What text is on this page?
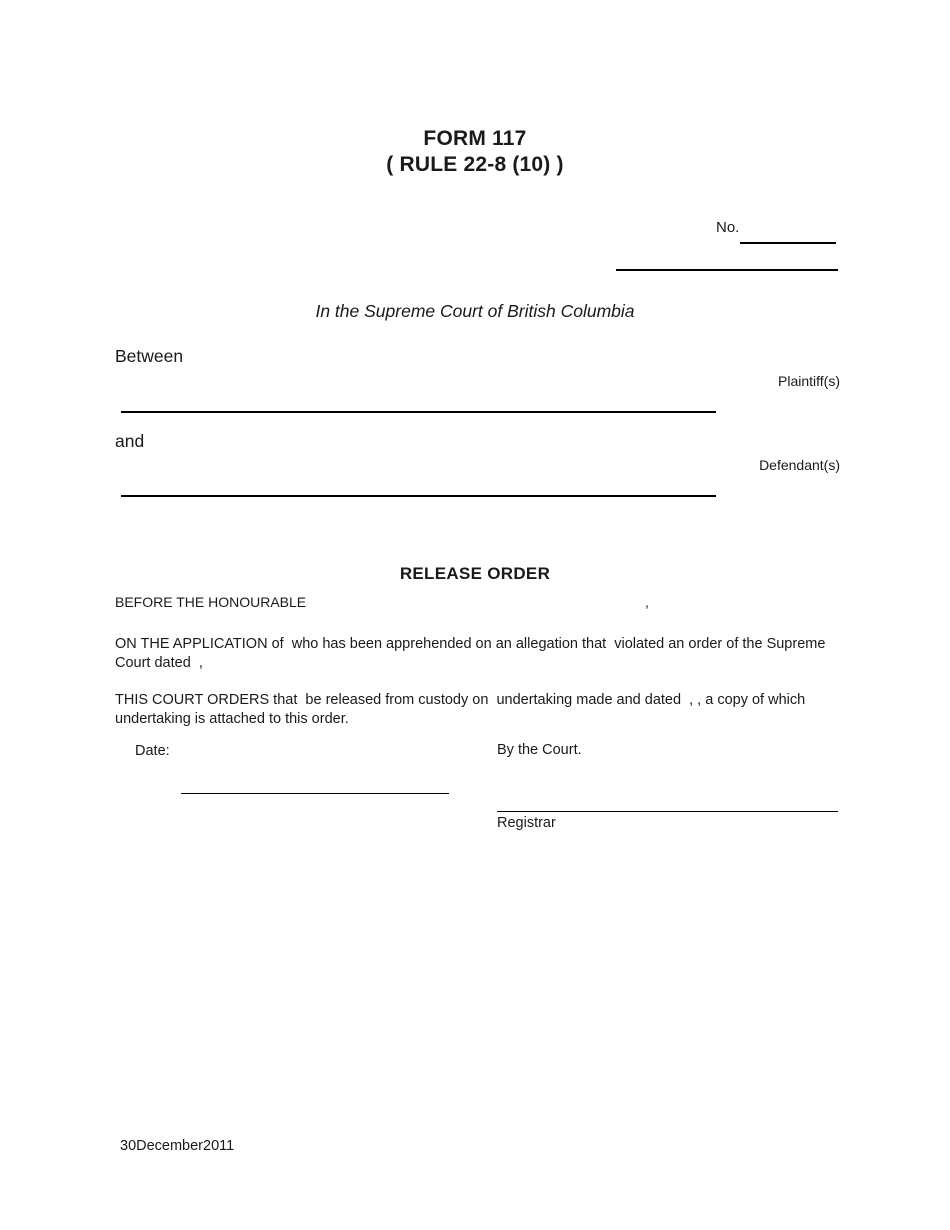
FORM 117
( RULE 22-8 (10) )
No.
In the Supreme Court of British Columbia
Between
Plaintiff(s)
and
Defendant(s)
RELEASE ORDER
BEFORE THE HONOURABLE	,
ON THE APPLICATION of  who has been apprehended on an allegation that  violated an order of the Supreme Court dated  ,
THIS COURT ORDERS that  be released from custody on  undertaking made and dated  , , a copy of which undertaking is attached to this order.
Date:	By the Court.
Registrar
30December2011
